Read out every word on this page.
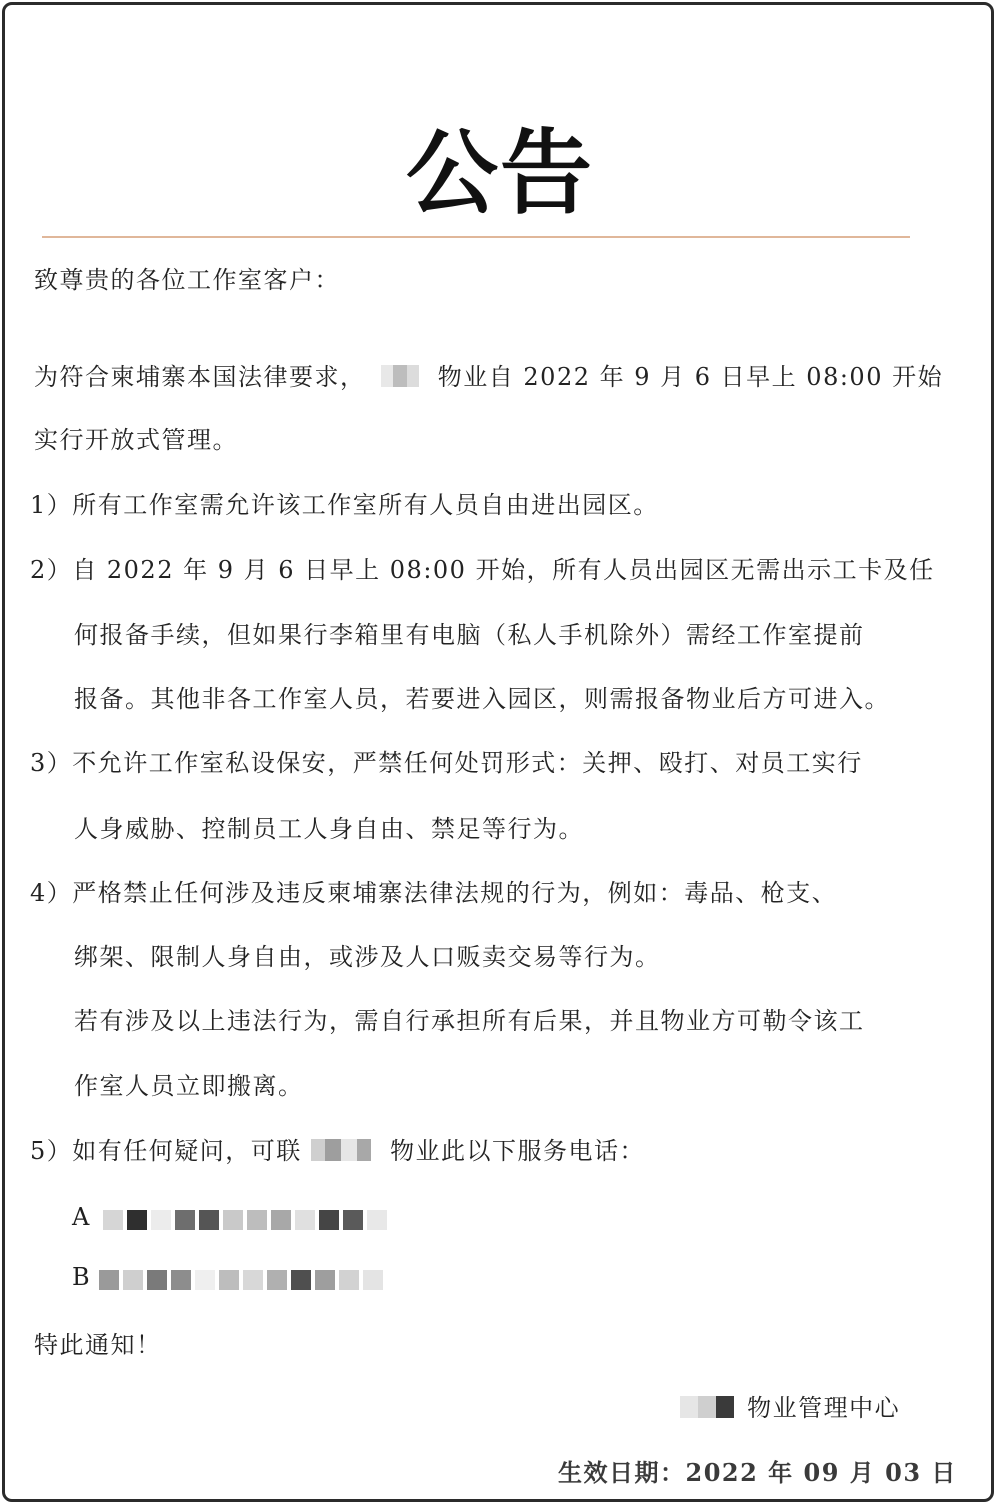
公告
致尊贵的各位工作室客户：
为符合柬埔寨本国法律要求，	物业自 2022 年 9 月 6 日早上 08:00 开始
实行开放式管理。
1）所有工作室需允许该工作室所有人员自由进出园区。
2）自 2022 年 9 月 6 日早上 08:00 开始，所有人员出园区无需出示工卡及任
何报备手续，但如果行李箱里有电脑（私人手机除外）需经工作室提前
报备。其他非各工作室人员，若要进入园区，则需报备物业后方可进入。
3）不允许工作室私设保安，严禁任何处罚形式：关押、殴打、对员工实行
人身威胁、控制员工人身自由、禁足等行为。
4）严格禁止任何涉及违反柬埔寨法律法规的行为，例如：毒品、枪支、
绑架、限制人身自由，或涉及人口贩卖交易等行为。
若有涉及以上违法行为，需自行承担所有后果，并且物业方可勒令该工
作室人员立即搬离。
5）如有任何疑问，可联	物业此以下服务电话：
A
B
特此通知！
物业管理中心
生效日期：2022 年 09 月 03 日
